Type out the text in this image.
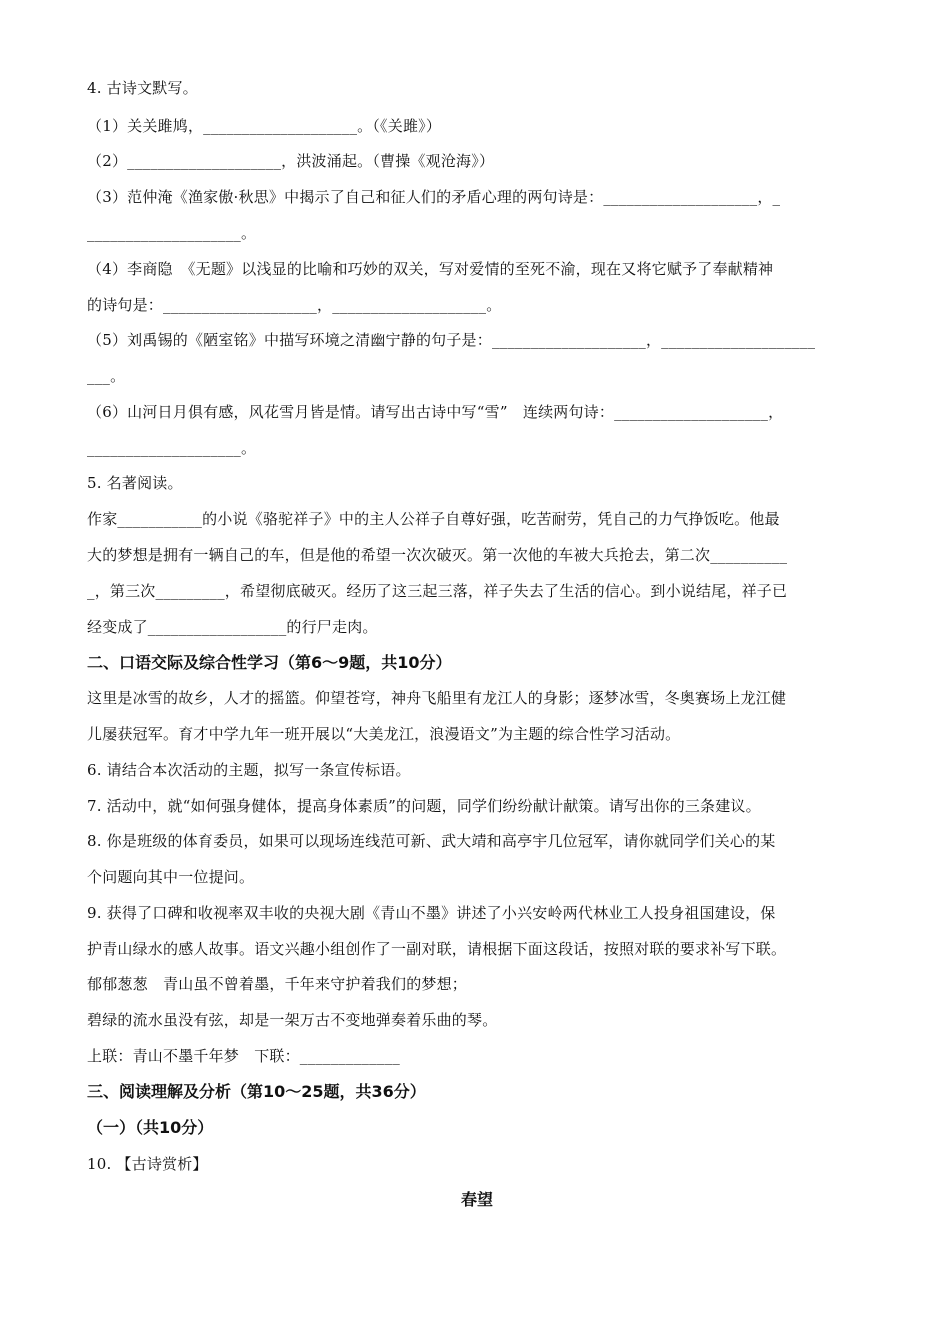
4. 古诗文默写。
（1）关关雎鸠，____________________。（《关雎》）
（2）____________________，洪波涌起。（曹操《观沧海》）
（3）范仲淹《渔家傲·秋思》中揭示了自己和征人们的矛盾心理的两句诗是：____________________，_
____________________。
（4）李商隐　《无题》以浅显的比喻和巧妙的双关，写对爱情的至死不渝，现在又将它赋予了奉献精神
的诗句是：____________________，____________________。
（5）刘禹锡的《陋室铭》中描写环境之清幽宁静的句子是：____________________，____________________
___。
（6）山河日月俱有感，风花雪月皆是情。请写出古诗中写“雪”　连续两句诗：____________________，
____________________。
5. 名著阅读。
作家___________的小说《骆驼祥子》中的主人公祥子自尊好强，吃苦耐劳，凭自己的力气挣饭吃。他最
大的梦想是拥有一辆自己的车，但是他的希望一次次破灭。第一次他的车被大兵抢去，第二次__________
_，第三次_________，希望彻底破灭。经历了这三起三落，祥子失去了生活的信心。到小说结尾，祥子已
经变成了__________________的行尸走肉。
二、口语交际及综合性学习（第6～9题，共10分）
这里是冰雪的故乡，人才的摇篮。仰望苍穹，神舟飞船里有龙江人的身影；逐梦冰雪，冬奥赛场上龙江健
儿屡获冠军。育才中学九年一班开展以“大美龙江，浪漫语文”为主题的综合性学习活动。
6. 请结合本次活动的主题，拟写一条宣传标语。
7. 活动中，就“如何强身健体，提高身体素质”的问题，同学们纷纷献计献策。请写出你的三条建议。
8. 你是班级的体育委员，如果可以现场连线范可新、武大靖和高亭宇几位冠军，请你就同学们关心的某
个问题向其中一位提问。
9. 获得了口碑和收视率双丰收的央视大剧《青山不墨》讲述了小兴安岭两代林业工人投身祖国建设，保
护青山绿水的感人故事。语文兴趣小组创作了一副对联，请根据下面这段话，按照对联的要求补写下联。
郁郁葱葱　青山虽不曾着墨，千年来守护着我们的梦想；
碧绿的流水虽没有弦，却是一架万古不变地弹奏着乐曲的琴。
上联：青山不墨千年梦　下联：_____________
三、阅读理解及分析（第10～25题，共36分）
（一）（共10分）
10. 【古诗赏析】
春望
